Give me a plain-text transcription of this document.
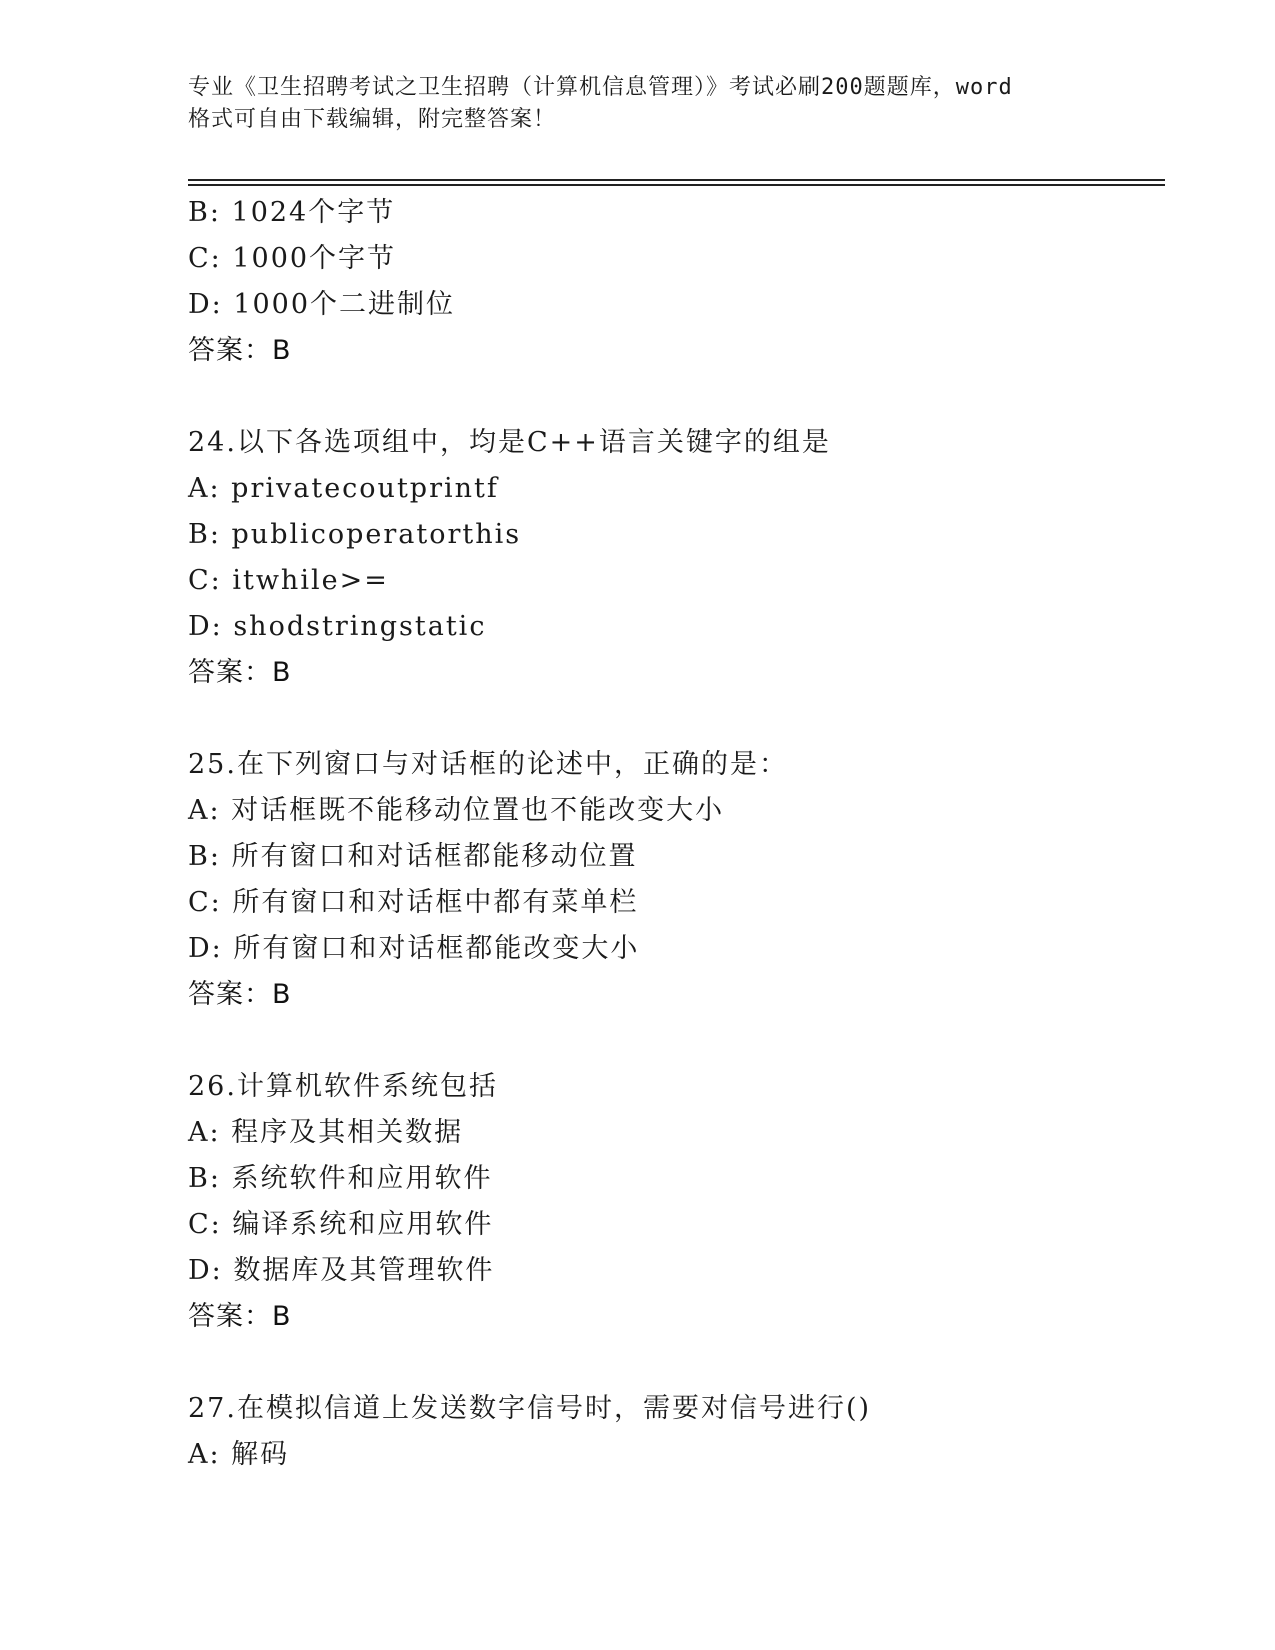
专业《卫生招聘考试之卫生招聘（计算机信息管理）》考试必刷200题题库，word
格式可自由下载编辑，附完整答案！
B: 1024个字节
C: 1000个字节
D: 1000个二进制位
答案：B
24.以下各选项组中，均是C++语言关键字的组是
A: privatecoutprintf
B: publicoperatorthis
C: itwhile>=
D: shodstringstatic
答案：B
25.在下列窗口与对话框的论述中，正确的是：
A: 对话框既不能移动位置也不能改变大小
B: 所有窗口和对话框都能移动位置
C: 所有窗口和对话框中都有菜单栏
D: 所有窗口和对话框都能改变大小
答案：B
26.计算机软件系统包括
A: 程序及其相关数据
B: 系统软件和应用软件
C: 编译系统和应用软件
D: 数据库及其管理软件
答案：B
27.在模拟信道上发送数字信号时，需要对信号进行()
A: 解码
